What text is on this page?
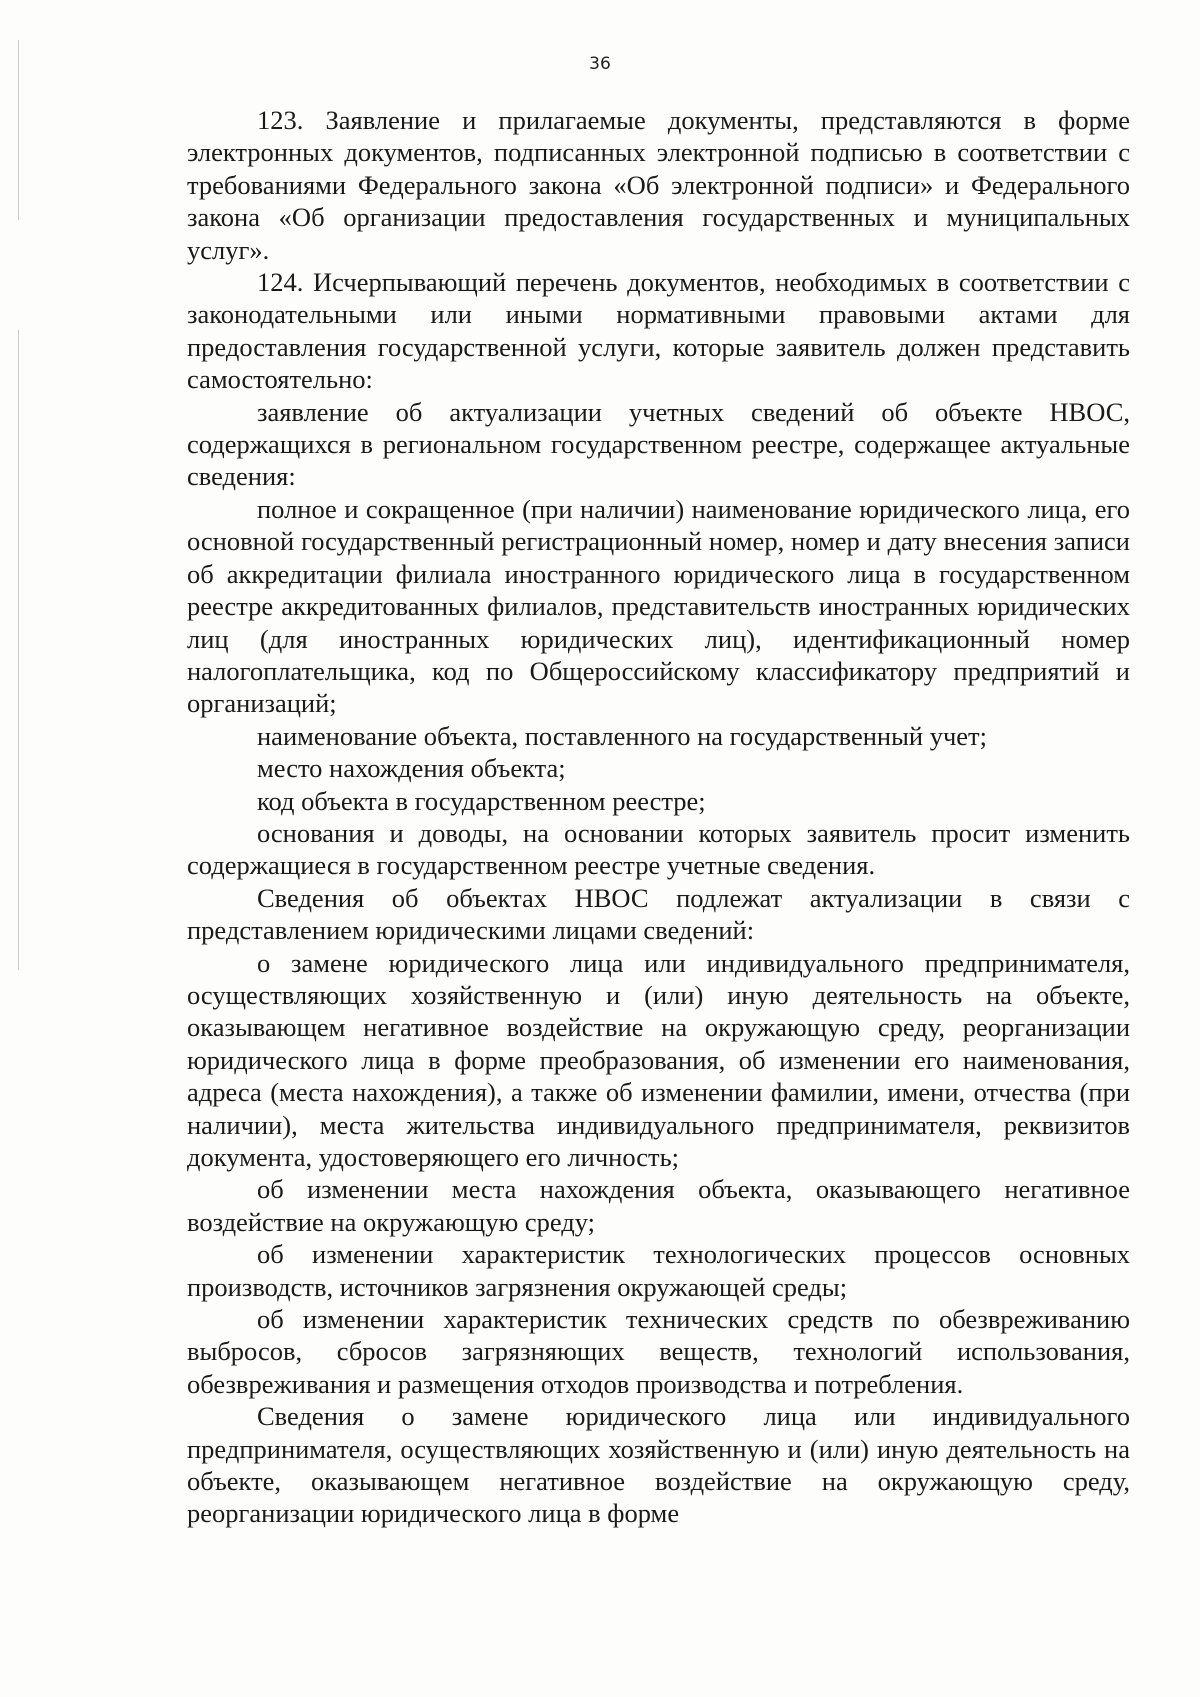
36

123. Заявление и прилагаемые документы, представляются в форме электронных документов, подписанных электронной подписью в соответствии с требованиями Федерального закона «Об электронной подписи» и Федерального закона «Об организации предоставления государственных и муниципальных услуг».

124. Исчерпывающий перечень документов, необходимых в соответствии с законодательными или иными нормативными правовыми актами для предоставления государственной услуги, которые заявитель должен представить самостоятельно:

заявление об актуализации учетных сведений об объекте НВОС, содержащихся в региональном государственном реестре, содержащее актуальные сведения:

полное и сокращенное (при наличии) наименование юридического лица, его основной государственный регистрационный номер, номер и дату внесения записи об аккредитации филиала иностранного юридического лица в государственном реестре аккредитованных филиалов, представительств иностранных юридических лиц (для иностранных юридических лиц), идентификационный номер налогоплательщика, код по Общероссийскому классификатору предприятий и организаций;

наименование объекта, поставленного на государственный учет;

место нахождения объекта;

код объекта в государственном реестре;

основания и доводы, на основании которых заявитель просит изменить содержащиеся в государственном реестре учетные сведения.

Сведения об объектах НВОС подлежат актуализации в связи с представлением юридическими лицами сведений:

о замене юридического лица или индивидуального предпринимателя, осуществляющих хозяйственную и (или) иную деятельность на объекте, оказывающем негативное воздействие на окружающую среду, реорганизации юридического лица в форме преобразования, об изменении его наименования, адреса (места нахождения), а также об изменении фамилии, имени, отчества (при наличии), места жительства индивидуального предпринимателя, реквизитов документа, удостоверяющего его личность;

об изменении места нахождения объекта, оказывающего негативное воздействие на окружающую среду;

об изменении характеристик технологических процессов основных производств, источников загрязнения окружающей среды;

об изменении характеристик технических средств по обезвреживанию выбросов, сбросов загрязняющих веществ, технологий использования, обезвреживания и размещения отходов производства и потребления.

Сведения о замене юридического лица или индивидуального предпринимателя, осуществляющих хозяйственную и (или) иную деятельность на объекте, оказывающем негативное воздействие на окружающую среду, реорганизации юридического лица в форме
